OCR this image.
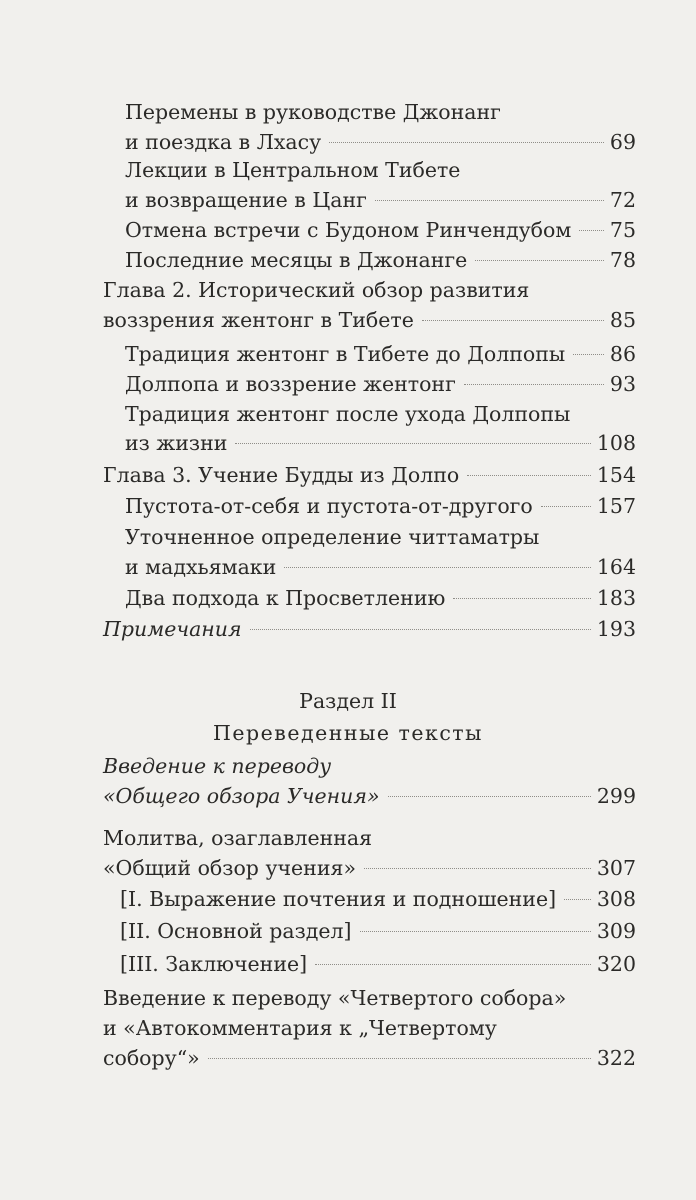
Перемены в руководстве Джонанг
и поездка в Лхасу	69
Лекции в Центральном Тибете
и возвращение в Цанг	72
Отмена встречи с Будоном Ринчендубом 75
Последние месяцы в Джонанге	78
Глава 2. Исторический обзор развития
воззрения жентонг в Тибете	85
Традиция жентонг в Тибете до Долпопы 86
Долпопа и воззрение жентонг	93
Традиция жентонг после ухода Долпопы
из жизни	108
Глава 3. Учение Будды из Долпо	154
Пустота-от-себя и пустота-от-другого	157
Уточненное определение читтаматры
и мадхьямаки	164
Два подхода к Просветлению	183
Примечания	193
Раздел II
Переведенные тексты
Введение к переводу
«Общего обзора Учения»	299
Молитва, озаглавленная
«Общий обзор учения»	307
[I. Выражение почтения и подношение] 308
[II. Основной раздел]	309
[III. Заключение]	320
Введение к переводу «Четвертого собора»
и «Автокомментария к „Четвертому
собору“»	322
